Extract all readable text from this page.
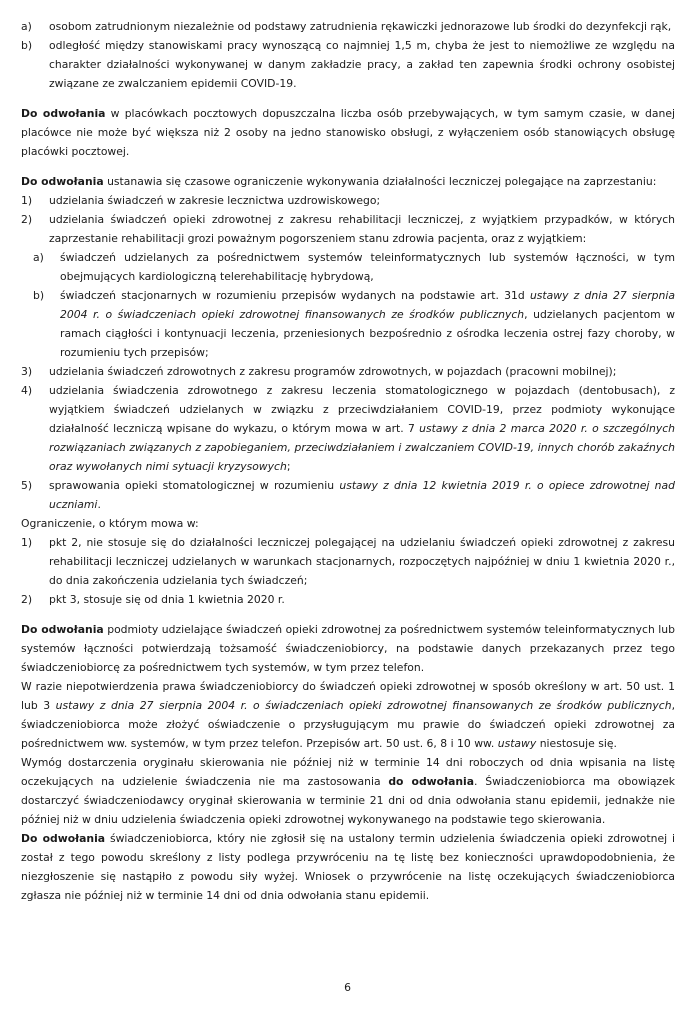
a) osobom zatrudnionym niezależnie od podstawy zatrudnienia rękawiczki jednorazowe lub środki do dezynfekcji rąk,
b) odległość między stanowiskami pracy wynoszącą co najmniej 1,5 m, chyba że jest to niemożliwe ze względu na charakter działalności wykonywanej w danym zakładzie pracy, a zakład ten zapewnia środki ochrony osobistej związane ze zwalczaniem epidemii COVID-19.
Do odwołania w placówkach pocztowych dopuszczalna liczba osób przebywających, w tym samym czasie, w danej placówce nie może być większa niż 2 osoby na jedno stanowisko obsługi, z wyłączeniem osób stanowiących obsługę placówki pocztowej.
Do odwołania ustanawia się czasowe ograniczenie wykonywania działalności leczniczej polegające na zaprzestaniu:
1) udzielania świadczeń w zakresie lecznictwa uzdrowiskowego;
2) udzielania świadczeń opieki zdrowotnej z zakresu rehabilitacji leczniczej, z wyjątkiem przypadków, w których zaprzestanie rehabilitacji grozi poważnym pogorszeniem stanu zdrowia pacjenta, oraz z wyjątkiem:
a) świadczeń udzielanych za pośrednictwem systemów teleinformatycznych lub systemów łączności, w tym obejmujących kardiologiczną telerehabilitację hybrydową,
b) świadczeń stacjonarnych w rozumieniu przepisów wydanych na podstawie art. 31d ustawy z dnia 27 sierpnia 2004 r. o świadczeniach opieki zdrowotnej finansowanych ze środków publicznych, udzielanych pacjentom w ramach ciągłości i kontynuacji leczenia, przeniesionych bezpośrednio z ośrodka leczenia ostrej fazy choroby, w rozumieniu tych przepisów;
3) udzielania świadczeń zdrowotnych z zakresu programów zdrowotnych, w pojazdach (pracowni mobilnej);
4) udzielania świadczenia zdrowotnego z zakresu leczenia stomatologicznego w pojazdach (dentobusach), z wyjątkiem świadczeń udzielanych w związku z przeciwdziałaniem COVID-19, przez podmioty wykonujące działalność leczniczą wpisane do wykazu, o którym mowa w art. 7 ustawy z dnia 2 marca 2020 r. o szczególnych rozwiązaniach związanych z zapobieganiem, przeciwdziałaniem i zwalczaniem COVID-19, innych chorób zakaźnych oraz wywołanych nimi sytuacji kryzysowych;
5) sprawowania opieki stomatologicznej w rozumieniu ustawy z dnia 12 kwietnia 2019 r. o opiece zdrowotnej nad uczniami.
Ograniczenie, o którym mowa w:
1) pkt 2, nie stosuje się do działalności leczniczej polegającej na udzielaniu świadczeń opieki zdrowotnej z zakresu rehabilitacji leczniczej udzielanych w warunkach stacjonarnych, rozpoczętych najpóźniej w dniu 1 kwietnia 2020 r., do dnia zakończenia udzielania tych świadczeń;
2) pkt 3, stosuje się od dnia 1 kwietnia 2020 r.
Do odwołania podmioty udzielające świadczeń opieki zdrowotnej za pośrednictwem systemów teleinformatycznych lub systemów łączności potwierdzają tożsamość świadczeniobiorcy, na podstawie danych przekazanych przez tego świadczeniobiorcę za pośrednictwem tych systemów, w tym przez telefon.
W razie niepotwierdzenia prawa świadczeniobiorcy do świadczeń opieki zdrowotnej w sposób określony w art. 50 ust. 1 lub 3 ustawy z dnia 27 sierpnia 2004 r. o świadczeniach opieki zdrowotnej finansowanych ze środków publicznych, świadczeniobiorca może złożyć oświadczenie o przysługującym mu prawie do świadczeń opieki zdrowotnej za pośrednictwem ww. systemów, w tym przez telefon. Przepisów art. 50 ust. 6, 8 i 10 ww. ustawy niestosuje się.
Wymóg dostarczenia oryginału skierowania nie później niż w terminie 14 dni roboczych od dnia wpisania na listę oczekujących na udzielenie świadczenia nie ma zastosowania do odwołania. Świadczeniobiorca ma obowiązek dostarczyć świadczeniodawcy oryginał skierowania w terminie 21 dni od dnia odwołania stanu epidemii, jednakże nie później niż w dniu udzielenia świadczenia opieki zdrowotnej wykonywanego na podstawie tego skierowania.
Do odwołania świadczeniobiorca, który nie zgłosił się na ustalony termin udzielenia świadczenia opieki zdrowotnej i został z tego powodu skreślony z listy podlega przywróceniu na tę listę bez konieczności uprawdopodobnienia, że niezgłoszenie się nastąpiło z powodu siły wyżej. Wniosek o przywrócenie na listę oczekujących świadczeniobiorca zgłasza nie później niż w terminie 14 dni od dnia odwołania stanu epidemii.
6
